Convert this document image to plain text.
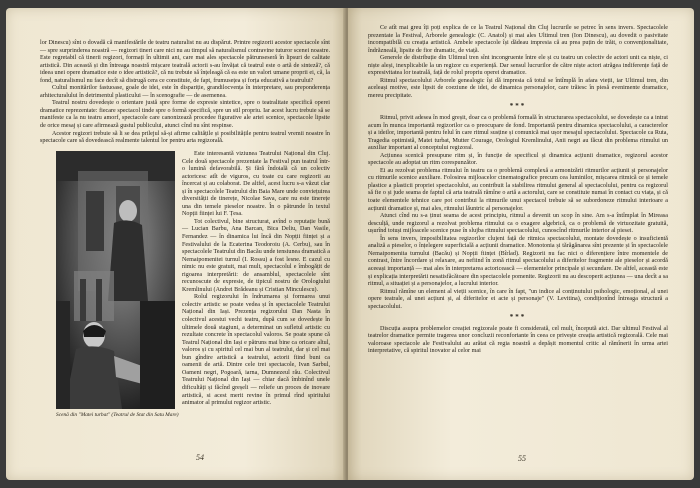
lor Dinescu) sînt o dovadă că manifestările de teatru naturalist nu au dispărut. Printre regizorii acestor spectacole sînt — spre surprinderea noastră — regizori tineri care nici nu au timpul să naturalismul contravine tuturor scenei noastre. Este regretabil că tinerii regizori, formați în ultimii ani, care mai ales spectacole pătrunseseră în lipsuri de calitate artistică. Din această și din întreaga noastră mișcare teatrală actorii s-au învățat că teatrul este o artă de sinteză?, că ideea unei opere dramatice este o idee artistică?, că nu trebuie să înțeleagă că ea este un valori umane proprii ei, că, la fond, naturalismul nu face decît să distrugă cera ce constituie, de fapt, frumusețea și forța educativă a teatrului?

Cultul monitărilor fastuoase, goale de idei, este în dispariție, grandilocvența în interpretare, sau preponderența arhitecturalului în detrimentul plasticului — în scenografie — de asemenea.

Teatrul nostru dovedește o orientare justă spre forme de expresie sintetice, spre o teatralitate specifică operei dramatice reprezentate: fiecare spectacol tinde spre o formă specifică, spre un stil propriu. Iar acest lucru trebuie să se manifeste ca la nu teatru amorf, spectacole care canonizează procedee figurative ale artei scenice, spectacole lipsite de orice mesaj și care afirmează gustul publicului, atunci cînd nu sînt respinse.

Acestor regizori trebuie să li se dea prilejul să-și afirme calitățile și posibilitățile pentru teatrul vremii noastre în spectacole care să dovedească realmente talentul lor pentru arta regizorală.

Scenă din "Matei turbat" (Teatrul de Stat din Satu Mare)

Este interesantă viziunea Teatrului Național din Cluj. Cele două spectacole prezentate la Festival pun teatrul într-o lumină defavorabilă. Și fără îndoială că un colectiv actoricesc atît de viguros, cu toate cu care regizorii au încercat și au colaborat. De altfel, acest lucru s-a văzut clar și în spectacolele Teatrului din Baia Mare unde conviețuirea diversității de tinerețe, Nicolae Sava, care nu este tinerețe una din temele pieselor noastre. În o pătrunde în textul Nopții ființei lui F. Țesa.

Tot colectivul, bine structurat, avînd o reputație bună — Lucian Barbu, Ana Barcan, Bica Deliu, Dan Vasile, Fernandez — în dinamica lui încă din Nopții ființei și a Festivalului de la Ecaterina Teodoroiu (A. Cerbu), sau în spectacolele Teatrului din Bacău unde tensiunea dramatică a Nemaipomenitei turnul (I. Rossu) a fost lesne. E cazul cu nimic nu este gratuit, mai mult, spectacolul e îmbogățit de rigoarea interpretării: de ansamblul, spectacolele sînt recunoscute de expresie, de tipicul nostru de Orologiului Kremlinului (Andrei Brădeanu și Cristian Minculescu).

Rolul regizorului în îndrumarea și formarea unui colectiv artistic se poate vedea și în spectacolele Teatrului Național din Iași. Prezența regizorului Dan Nasta în colectivul acestui vechi teatru, după cum se dovedește în ultimele două stagiuni, a determinat un sufletul artistic cu rezultate concrete în spectacolul valoros. Se poate spune că Teatrul Național din Iași e pătruns mai bine ca oricare altul, valoros și cu spiritul cel mai bun al teatrului, dar și cel mai bun gîndire artistică a teatrului, actorii fiind buni ca oamenii de artă. Dintre cele trei spectacole, Ivan Sarbul, Oameni negri, Pogoară, iarna, Dumnezeul rău. Colectivul Teatrului Național din Iași — chiar dacă îmbinînd unele dificultăți și făcînd greșeli — reliefe un proces de inovare artistică, si acest merit revine în primul rînd spiritului animator al primului regizor artistic.

54

Ce atît mai greu îți poți explica de ce la Teatrul Național din Cluj lucrurile se petrec în sens invers. Spectacolele prezentate la Festival, Arborele genealogic (C. Anatol) și mai ales Ultimul tren (Ion Dinescu), au dovedit o pasivitate incompatibilă cu creația artistică. Ambele spectacole își dădeau impresia că au prea puțin de trăit, o convenționalitate, îndrăzneală, lipsite de fior dramatic, de viață.

Generele de distribuție din Ultimul tren sînt incongruente între ele și cu teatru un colectiv de actori unit ca niște, ci niște aleși, inexplicabile la un regizor cu experiență. Dar sensul lucrurilor de către niște actori atrăgea indiferențe față de expresivitatea lor teatrală, față de rolul propriu operei dramatice.

Ritmul spectacolului Arborele genealogic își dă impresia că totul se întîmplă în afara vieții, iar Ultimul tren, din aceleași motive, este lipsit de coeziune de idei, de dinamica personajelor, care trăiesc în piesă evenimente dramatice, mereu precipitate.

***

Ritmul, privit adesea în mod greșit, doar ca o problemă formală în structurarea spectacolului, se dovedește ca a intrat acum în munca importantă regizorilor ca o preocupare de fond. Importantă pentru dinamica spectacolului, a caracterelor și a ideilor, importantă pentru felul în care ritmul susține și comunică mai ușor mesajul spectacolului. Spectacole ca Ruta, Tragedia optimistă, Matei turbat, Mutter Courage, Orologiul Kremlinului, Anii negri au făcut din problema ritmului un auxiliar important al conceptului regizoral.

Acțiunea scenică presupune ritm și, în funcție de specificul și dinamica acțiunii dramatice, regizorul acestor spectacole au adoptat un ritm corespunzător.

Ei au rezolvat problema ritmului în teatru ca o problemă complexă a armonizării ritmurilor acțiunii și personajelor cu ritmurile scenice auxiliare. Folosirea mijloacelor cinematografice precum cea luminilor, mișcarea ritmică ce și temele plastice a plasticii propriei spectacolului, au contribuit la stabilirea ritmului general al spectacolului, pentru ca regizorul să fie o și jude seama de faptul că arta teatrală rămîne o artă a actorului, care se constituie numai în contact cu viața, și că toate elementele tehnice care pot contribui la ritmurile unui spectacol trebuie să se subordoneze ritmului interioare a acțiunii dramatice și, mai ales, ritmului lăuntric al personajelor.

Atunci cînd nu s-a ținut seama de acest principiu, ritmul a devenit un scop în sine. Am s-a întîmplat în Mireasa desculță, unde regizorul a rezolvat problema ritmului ca o exagere algebrică, ca o problemă de virtuozitate gratuită, ușurînd totuși mijloacele scenice puse în slujba ritmului spectacolului, cunoscînd ritmurile interior al piesei.

În sens invers, imposibilitatea regizorilor clujeni față de ritmica spectacolului, montate dovedește o insuficientă analiză a pieselor, o înțelegere superficială a acțiunii dramatice. Monotonia și tărăgănarea sînt prezente și în spectacolele Nemaipomenita turnului (Bacău) și Nopții ființei (Bîrlad). Regizorii nu fac nici o diferențiere între momentele de contrast, între încordare și relaxare, au nefiind în zonă ritmul spectacolului a diferitelor fragmente ale pieselor și acordă aceeași importanță — mai ales în interpretarea actoricească — elementelor principale și secundare. De altfel, această este și explicația interpretării nesatisfăcătoare din spectacolele pomenite. Regizorii nu au descoperit acțiunea — una decît a sa ritmul, a situației și a personajelor, a lucrului interior.

Ritmul rămîne un element al vieții scenice, în care în fapt, "un indice al conținutului psihologic, emoțional, al unei opere teatrale, al unei acțiuni și, al diferitelor ei acte și personaje" (V. Levitina), condiționînd întreaga structură a spectacolului.

***

Discuția asupra problemelor creației regizorale poate fi considerată, cel mult, începută aici. Dar ultimul Festival al teatrelor dramatice permite tragerea unor concluzii reconfortante în ceea ce privește creația artistică regizorală. Cele mai valoroase spectacole ale Festivalului au arătat că regia noastră a depășit momentul critic al rămînerii în urma artei interpretative, că spiritul inovator al celor mai

55
